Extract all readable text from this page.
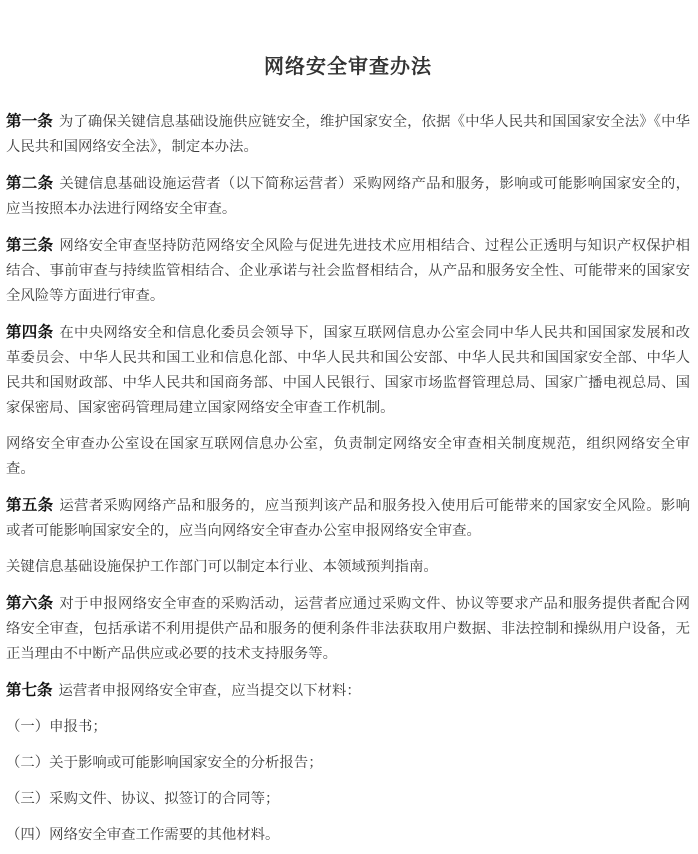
网络安全审查办法

第一条 为了确保关键信息基础设施供应链安全，维护国家安全，依据《中华人民共和国国家安全法》《中华人民共和国网络安全法》，制定本办法。

第二条 关键信息基础设施运营者（以下简称运营者）采购网络产品和服务，影响或可能影响国家安全的，应当按照本办法进行网络安全审查。

第三条 网络安全审查坚持防范网络安全风险与促进先进技术应用相结合、过程公正透明与知识产权保护相结合、事前审查与持续监管相结合、企业承诺与社会监督相结合，从产品和服务安全性、可能带来的国家安全风险等方面进行审查。

第四条 在中央网络安全和信息化委员会领导下，国家互联网信息办公室会同中华人民共和国国家发展和改革委员会、中华人民共和国工业和信息化部、中华人民共和国公安部、中华人民共和国国家安全部、中华人民共和国财政部、中华人民共和国商务部、中国人民银行、国家市场监督管理总局、国家广播电视总局、国家保密局、国家密码管理局建立国家网络安全审查工作机制。

网络安全审查办公室设在国家互联网信息办公室，负责制定网络安全审查相关制度规范，组织网络安全审查。

第五条 运营者采购网络产品和服务的，应当预判该产品和服务投入使用后可能带来的国家安全风险。影响或者可能影响国家安全的，应当向网络安全审查办公室申报网络安全审查。

关键信息基础设施保护工作部门可以制定本行业、本领域预判指南。

第六条 对于申报网络安全审查的采购活动，运营者应通过采购文件、协议等要求产品和服务提供者配合网络安全审查，包括承诺不利用提供产品和服务的便利条件非法获取用户数据、非法控制和操纵用户设备，无正当理由不中断产品供应或必要的技术支持服务等。

第七条 运营者申报网络安全审查，应当提交以下材料：

（一）申报书；

（二）关于影响或可能影响国家安全的分析报告；

（三）采购文件、协议、拟签订的合同等；

（四）网络安全审查工作需要的其他材料。
